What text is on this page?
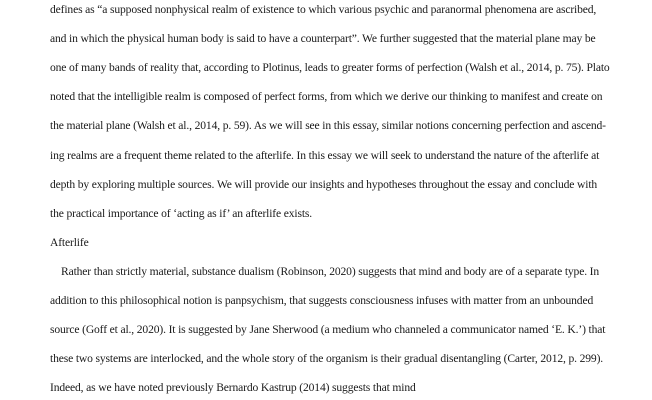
defines as “a supposed nonphysical realm of existence to which various psychic and paranormal phenomena are ascribed,
and in which the physical human body is said to have a counterpart”. We further suggested that the material plane may be
one of many bands of reality that, according to Plotinus, leads to greater forms of perfection (Walsh et al., 2014, p. 75). Plato
noted that the intelligible realm is composed of perfect forms, from which we derive our thinking to manifest and create on
the material plane (Walsh et al., 2014, p. 59). As we will see in this essay, similar notions concerning perfection and ascend-
ing realms are a frequent theme related to the afterlife. In this essay we will seek to understand the nature of the afterlife at
depth by exploring multiple sources. We will provide our insights and hypotheses throughout the essay and conclude with
the practical importance of ‘acting as if’ an afterlife exists.
Afterlife
Rather than strictly material, substance dualism (Robinson, 2020) suggests that mind and body are of a separate type. In
addition to this philosophical notion is panpsychism, that suggests consciousness infuses with matter from an unbounded
source (Goff et al., 2020). It is suggested by Jane Sherwood (a medium who channeled a communicator named ‘E. K.’) that
these two systems are interlocked, and the whole story of the organism is their gradual disentangling (Carter, 2012, p. 299).
Indeed, as we have noted previously Bernardo Kastrup (2014) suggests that mind
